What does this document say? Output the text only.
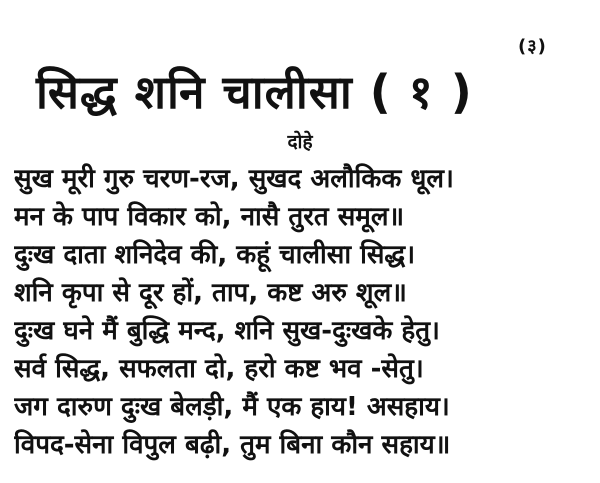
(३)
सिद्ध शनि चालीसा ( १ )
दोहे
सुख मूरी गुरु चरण-रज, सुखद अलौकिक धूल।
मन के पाप विकार को, नासै तुरत समूल॥
दुःख दाता शनिदेव की, कहूं चालीसा सिद्ध।
शनि कृपा से दूर हों, ताप, कष्ट अरु शूल॥
दुःख घने मैं बुद्धि मन्द, शनि सुख-दुःखके हेतु।
सर्व सिद्ध, सफलता दो, हरो कष्ट भव -सेतु।
जग दारुण दुःख बेलड़ी, मैं एक हाय! असहाय।
विपद-सेना विपुल बढ़ी, तुम बिना कौन सहाय॥
